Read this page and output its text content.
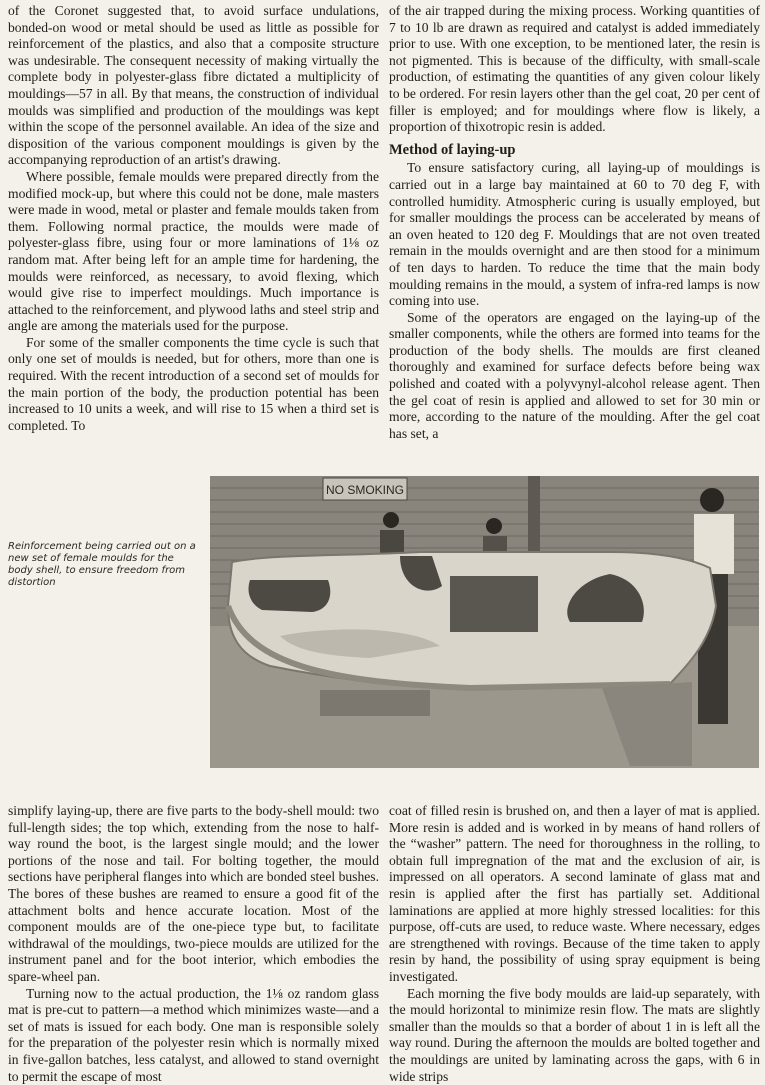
of the Coronet suggested that, to avoid surface undulations, bonded-on wood or metal should be used as little as possible for reinforcement of the plastics, and also that a composite structure was undesirable. The consequent necessity of making virtually the complete body in polyester-glass fibre dictated a multiplicity of mouldings—57 in all. By that means, the construction of individual moulds was simplified and production of the mouldings was kept within the scope of the personnel available. An idea of the size and disposition of the various component mouldings is given by the accompanying reproduction of an artist's drawing.

Where possible, female moulds were prepared directly from the modified mock-up, but where this could not be done, male masters were made in wood, metal or plaster and female moulds taken from them. Following normal practice, the moulds were made of polyester-glass fibre, using four or more laminations of 1⅛ oz random mat. After being left for an ample time for hardening, the moulds were reinforced, as necessary, to avoid flexing, which would give rise to imperfect mouldings. Much importance is attached to the reinforcement, and plywood laths and steel strip and angle are among the materials used for the purpose.

For some of the smaller components the time cycle is such that only one set of moulds is needed, but for others, more than one is required. With the recent introduction of a second set of moulds for the main portion of the body, the production potential has been increased to 10 units a week, and will rise to 15 when a third set is completed. To

of the air trapped during the mixing process. Working quantities of 7 to 10 lb are drawn as required and catalyst is added immediately prior to use. With one exception, to be mentioned later, the resin is not pigmented. This is because of the difficulty, with small-scale production, of estimating the quantities of any given colour likely to be ordered. For resin layers other than the gel coat, 20 per cent of filler is employed; and for mouldings where flow is likely, a proportion of thixotropic resin is added.

Method of laying-up

To ensure satisfactory curing, all laying-up of mouldings is carried out in a large bay maintained at 60 to 70 deg F, with controlled humidity. Atmospheric curing is usually employed, but for smaller mouldings the process can be accelerated by means of an oven heated to 120 deg F. Mouldings that are not oven treated remain in the moulds overnight and are then stood for a minimum of ten days to harden. To reduce the time that the main body moulding remains in the mould, a system of infra-red lamps is now coming into use.

Some of the operators are engaged on the laying-up of the smaller components, while the others are formed into teams for the production of the body shells. The moulds are first cleaned thoroughly and examined for surface defects before being wax polished and coated with a polyvynyl-alcohol release agent. Then the gel coat of resin is applied and allowed to set for 30 min or more, according to the nature of the moulding. After the gel coat has set, a

Reinforcement being carried out on a new set of female moulds for the body shell, to ensure freedom from distortion
NO SMOKING

simplify laying-up, there are five parts to the body-shell mould: two full-length sides; the top which, extending from the nose to half-way round the boot, is the largest single mould; and the lower portions of the nose and tail. For bolting together, the mould sections have peripheral flanges into which are bonded steel bushes. The bores of these bushes are reamed to ensure a good fit of the attachment bolts and hence accurate location. Most of the component moulds are of the one-piece type but, to facilitate withdrawal of the mouldings, two-piece moulds are utilized for the instrument panel and for the boot interior, which embodies the spare-wheel pan.

Turning now to the actual production, the 1⅛ oz random glass mat is pre-cut to pattern—a method which minimizes waste—and a set of mats is issued for each body. One man is responsible solely for the preparation of the polyester resin which is normally mixed in five-gallon batches, less catalyst, and allowed to stand overnight to permit the escape of most

coat of filled resin is brushed on, and then a layer of mat is applied. More resin is added and is worked in by means of hand rollers of the “washer” pattern. The need for thoroughness in the rolling, to obtain full impregnation of the mat and the exclusion of air, is impressed on all operators. A second laminate of glass mat and resin is applied after the first has partially set. Additional laminations are applied at more highly stressed localities: for this purpose, off-cuts are used, to reduce waste. Where necessary, edges are strengthened with rovings. Because of the time taken to apply resin by hand, the possibility of using spray equipment is being investigated.

Each morning the five body moulds are laid-up separately, with the mould horizontal to minimize resin flow. The mats are slightly smaller than the moulds so that a border of about 1 in is left all the way round. During the afternoon the moulds are bolted together and the mouldings are united by laminating across the gaps, with 6 in wide strips
